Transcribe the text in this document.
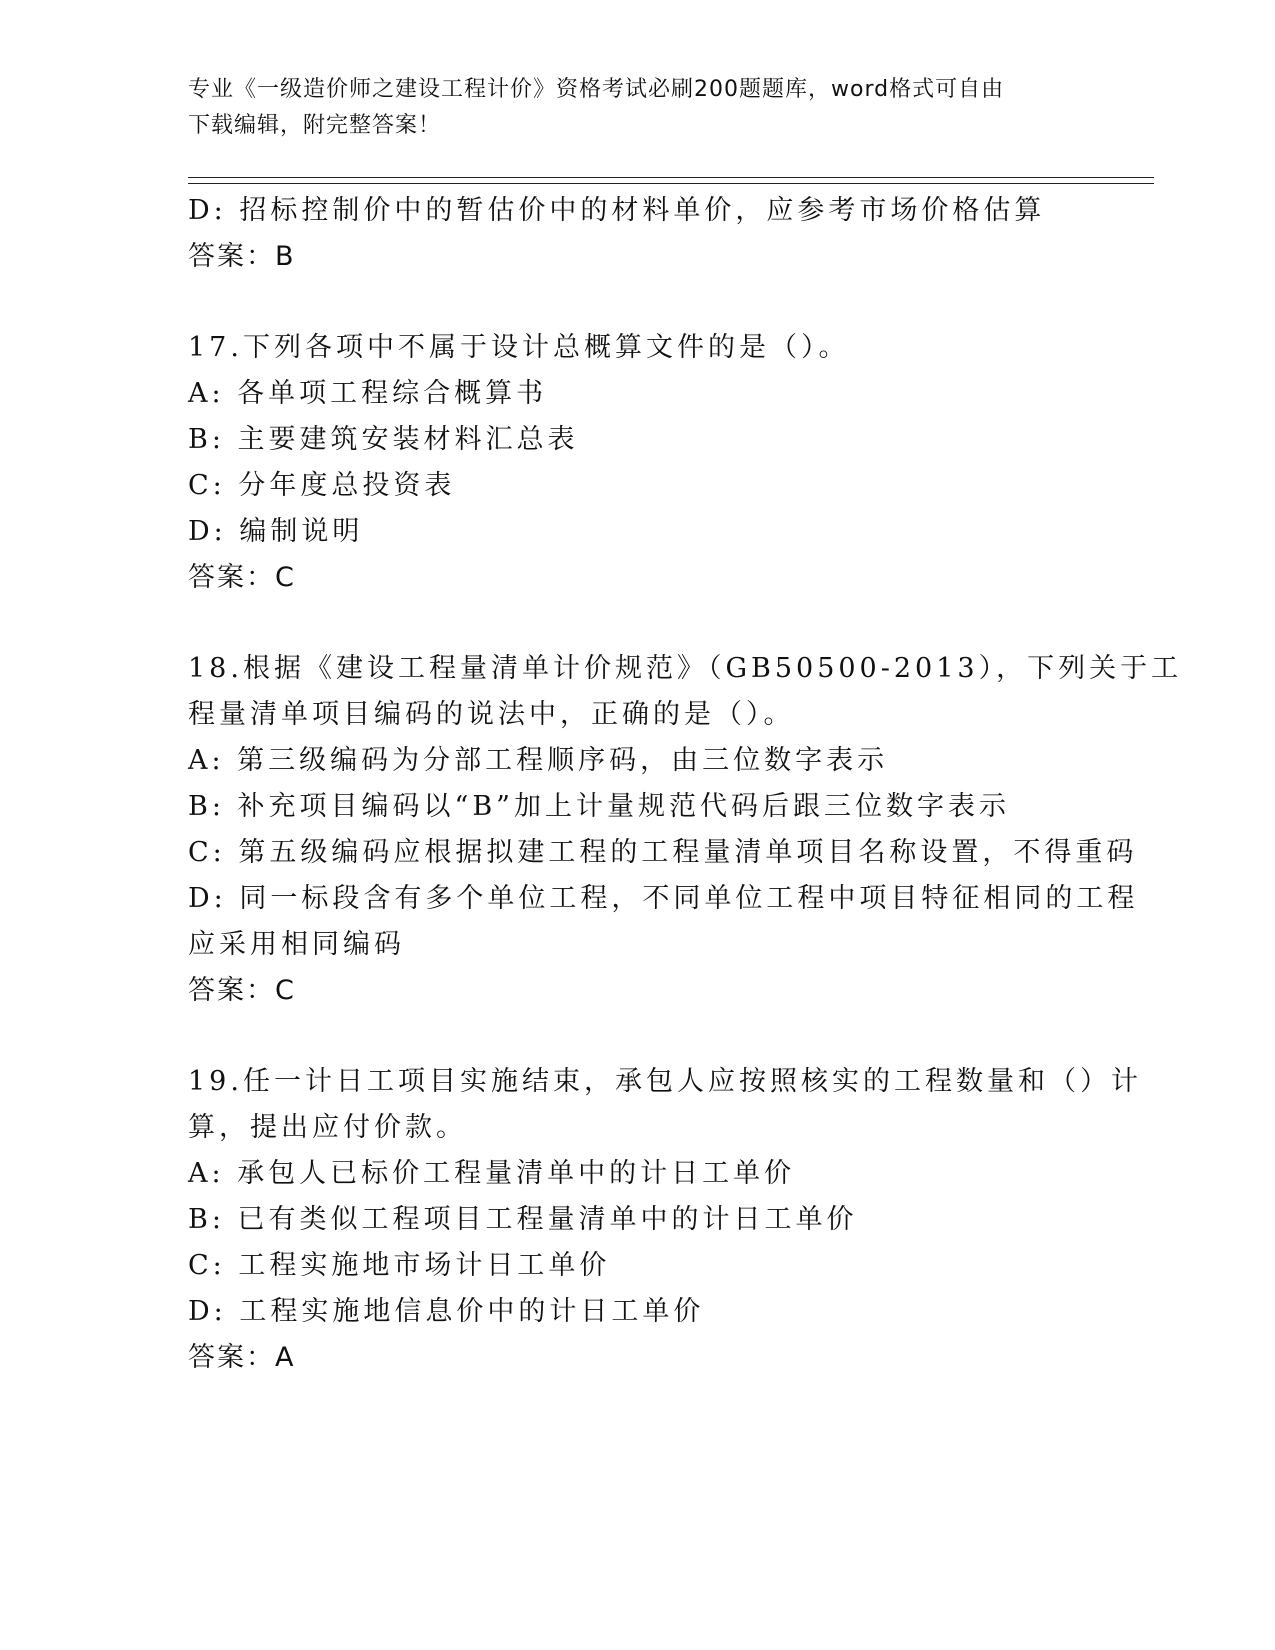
专业《一级造价师之建设工程计价》资格考试必刷200题题库，word格式可自由
下载编辑，附完整答案！
D: 招标控制价中的暂估价中的材料单价，应参考市场价格估算
答案：B
17.下列各项中不属于设计总概算文件的是（）。
A: 各单项工程综合概算书
B: 主要建筑安装材料汇总表
C: 分年度总投资表
D: 编制说明
答案：C
18.根据《建设工程量清单计价规范》（GB50500-2013），下列关于工
程量清单项目编码的说法中，正确的是（）。
A: 第三级编码为分部工程顺序码，由三位数字表示
B: 补充项目编码以“B”加上计量规范代码后跟三位数字表示
C: 第五级编码应根据拟建工程的工程量清单项目名称设置，不得重码
D: 同一标段含有多个单位工程，不同单位工程中项目特征相同的工程
应采用相同编码
答案：C
19.任一计日工项目实施结束，承包人应按照核实的工程数量和（）计
算，提出应付价款。
A: 承包人已标价工程量清单中的计日工单价
B: 已有类似工程项目工程量清单中的计日工单价
C: 工程实施地市场计日工单价
D: 工程实施地信息价中的计日工单价
答案：A
